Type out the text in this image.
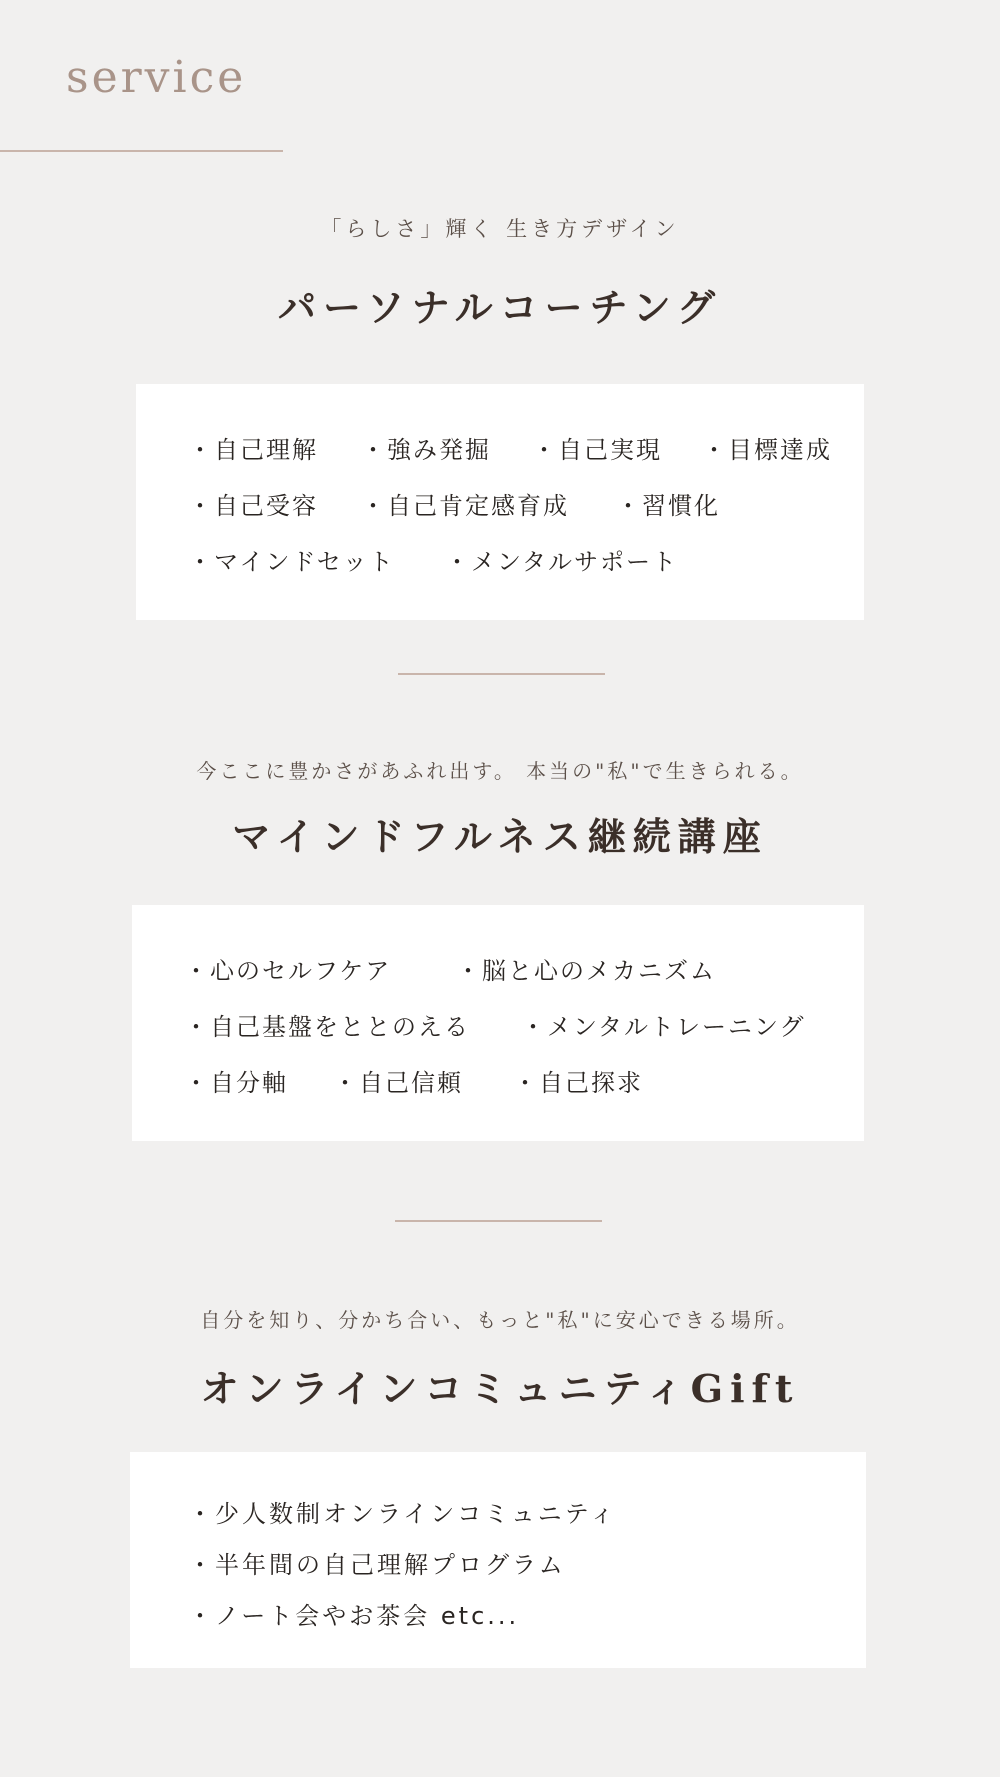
service

「らしさ」輝く 生き方デザイン

パーソナルコーチング
・自己理解 ・強み発掘 ・自己実現 ・目標達成
・自己受容 ・自己肯定感育成 ・習慣化
・マインドセット ・メンタルサポート

今ここに豊かさがあふれ出す。 本当の"私"で生きられる。

マインドフルネス継続講座
・心のセルフケア	・脳と心のメカニズム
・自己基盤をととのえる ・メンタルトレーニング
・自分軸 ・自己信頼 ・自己探求

自分を知り、分かち合い、もっと"私"に安心できる場所。

オンラインコミュニティGift
・少人数制オンラインコミュニティ
・半年間の自己理解プログラム
・ノート会やお茶会 etc...
